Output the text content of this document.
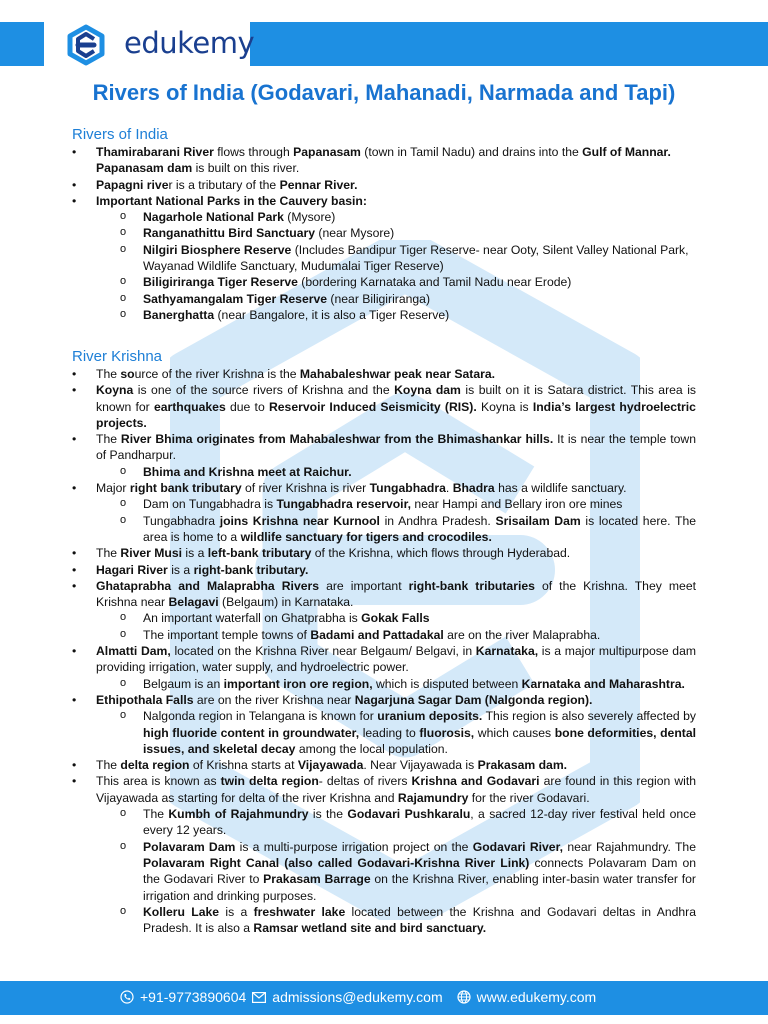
edukemy
Rivers of India (Godavari, Mahanadi, Narmada and Tapi)
Rivers of India
• Thamirabarani River flows through Papanasam (town in Tamil Nadu) and drains into the Gulf of Mannar. Papanasam dam is built on this river.
• Papagni river is a tributary of the Pennar River.
• Important National Parks in the Cauvery basin:
o Nagarhole National Park (Mysore)
o Ranganathittu Bird Sanctuary (near Mysore)
o Nilgiri Biosphere Reserve (Includes Bandipur Tiger Reserve- near Ooty, Silent Valley National Park, Wayanad Wildlife Sanctuary, Mudumalai Tiger Reserve)
o Biligiriranga Tiger Reserve (bordering Karnataka and Tamil Nadu near Erode)
o Sathyamangalam Tiger Reserve (near Biligiriranga)
o Banerghatta (near Bangalore, it is also a Tiger Reserve)
River Krishna
• The source of the river Krishna is the Mahabaleshwar peak near Satara.
• Koyna is one of the source rivers of Krishna and the Koyna dam is built on it is Satara district. This area is known for earthquakes due to Reservoir Induced Seismicity (RIS). Koyna is India’s largest hydroelectric projects.
• The River Bhima originates from Mahabaleshwar from the Bhimashankar hills. It is near the temple town of Pandharpur.
o Bhima and Krishna meet at Raichur.
• Major right bank tributary of river Krishna is river Tungabhadra. Bhadra has a wildlife sanctuary.
o Dam on Tungabhadra is Tungabhadra reservoir, near Hampi and Bellary iron ore mines
o Tungabhadra joins Krishna near Kurnool in Andhra Pradesh. Srisailam Dam is located here. The area is home to a wildlife sanctuary for tigers and crocodiles.
• The River Musi is a left-bank tributary of the Krishna, which flows through Hyderabad.
• Hagari River is a right-bank tributary.
• Ghataprabha and Malaprabha Rivers are important right-bank tributaries of the Krishna. They meet Krishna near Belagavi (Belgaum) in Karnataka.
o An important waterfall on Ghatprabha is Gokak Falls
o The important temple towns of Badami and Pattadakal are on the river Malaprabha.
• Almatti Dam, located on the Krishna River near Belgaum/ Belgavi, in Karnataka, is a major multipurpose dam providing irrigation, water supply, and hydroelectric power.
o Belgaum is an important iron ore region, which is disputed between Karnataka and Maharashtra.
• Ethipothala Falls are on the river Krishna near Nagarjuna Sagar Dam (Nalgonda region).
o Nalgonda region in Telangana is known for uranium deposits. This region is also severely affected by high fluoride content in groundwater, leading to fluorosis, which causes bone deformities, dental issues, and skeletal decay among the local population.
• The delta region of Krishna starts at Vijayawada. Near Vijayawada is Prakasam dam.
• This area is known as twin delta region- deltas of rivers Krishna and Godavari are found in this region with Vijayawada as starting for delta of the river Krishna and Rajamundry for the river Godavari.
o The Kumbh of Rajahmundry is the Godavari Pushkaralu, a sacred 12-day river festival held once every 12 years.
o Polavaram Dam is a multi-purpose irrigation project on the Godavari River, near Rajahmundry. The Polavaram Right Canal (also called Godavari-Krishna River Link) connects Polavaram Dam on the Godavari River to Prakasam Barrage on the Krishna River, enabling inter-basin water transfer for irrigation and drinking purposes.
o Kolleru Lake is a freshwater lake located between the Krishna and Godavari deltas in Andhra Pradesh. It is also a Ramsar wetland site and bird sanctuary.
+91-9773890604 admissions@edukemy.com www.edukemy.com
